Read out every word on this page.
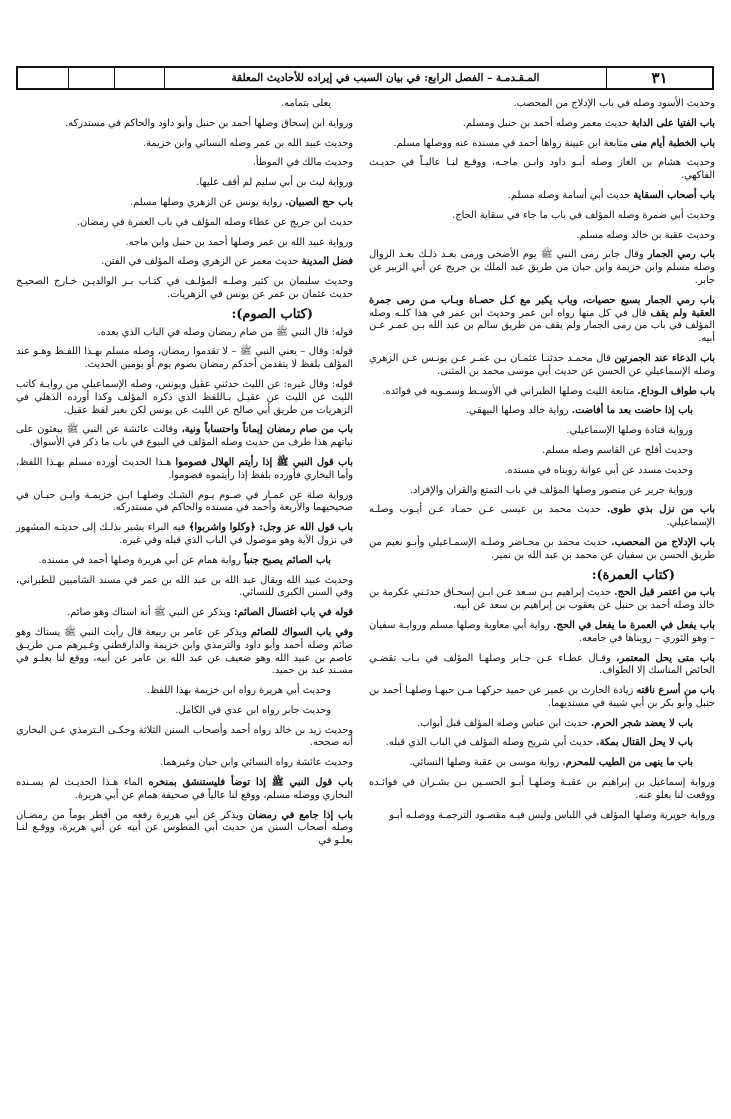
المـقـدمـة – الفصل الرابع: في بيان السبب في إيراده للأحاديث المعلقة	٣١

وحديث الأسود وصله في باب الإدلاج من المحصب.

باب الفتيا على الدابة حديث معمر وصله أحمد بن حنبل ومسلم.

باب الخطبة أيام منى متابعة ابن عيينة رواها أحمد في مسنده عنه ووصلها مسلم.

وحديث هشام بن الغاز وصله أبـو داود وابـن ماجـه، ووقـع لنـا عاليـاً في حديـث الفاكهي.

باب أصحاب السقاية حديث أبي أسامة وصله مسلم.

وحديث أبي ضمرة وصله المؤلف في باب ما جاء في سقاية الحاج.

وحديث عقبة بن خالد وصله مسلم.

باب رمي الجمار وقال جابر رمى النبي ﷺ يوم الأضحى ورمى بعـد ذلـك بعـد الزوال وصله مسلم وابن خزيمة وابن حبان من طريق عبد الملك بن جريج عن أبي الزبير عن جابر.

باب رمي الجمار بسبع حصيات، وباب يكبر مع كـل حصـاة وبـاب مـن رمى جمرة العقبة ولم يقف قال في كل منها رواه ابن عمر وحديث ابن عمر في هذا كلـه وصله المؤلف في باب من رمى الجمار ولم يقف من طريق سالم بن عبد الله بـن عمـر عـن أبيه.

باب الدعاء عند الجمرتين قال محمـد حدثنـا عثمـان بـن عمـر عـن يونـس عـن الزهري وصله الإسماعيلي عن الحسن عن حديث أبي موسى محمد بن المثنى.

باب طواف الـوداع. متابعة الليث وصلها الطبراني في الأوسـط وسمـويه في فوائده.

باب إذا حاضت بعد ما أفاضت. رواية خالد وصلها البيهقي.

ورواية قتادة وصلها الإسماعيلي.

وحديث أفلح عن القاسم وصله مسلم.

وحديث مسدد عن أبي عوانة رويناه في مسنده.

ورواية جرير عن منصور وصلها المؤلف في باب التمتع والقران والإفراد.

باب من نزل بذي طوى. حديث محمد بن عيسى عـن حمـاد عـن أيـوب وصلـه الإسماعيلي.

باب الإدلاج من المحصب. حديث محمد بن محـاضر وصلـه الإسمـاعيلي وأبـو نعيم من طريق الحسن بن سفيان عن محمد بن عبد الله بن نمير.

(كتاب العمرة):

باب من اعتمر قبل الحج. حديث إبراهيم بـن سـعد عـن ابـن إسحـاق حدثـني عكرمة بن خالد وصله أحمد بن حنبل عن يعقوب بن إبراهيم بن سعد عن أبيه.

باب يفعل في العمرة ما يفعل في الحج. رواية أبي معاوية وصلها مسلم وروايـة سفيان – وهو الثوري – رويناها في جامعه.

باب متى يحل المعتمر، وقـال عطـاء عـن جـابر وصلهـا المؤلف في بـاب تقضـي الحائض المناسك إلا الطواف.

باب من أسرع ناقته زيادة الحارث بن عمير عن حميد حركهـا مـن حبهـا وصلهـا أحمد بن حنبل وأبو بكر بن أبي شيبة في مسنديهما.

باب لا يعضد شجر الحرم. حديث ابن عباس وصله المؤلف قبل أبواب.

باب لا يحل القتال بمكة. حديث أبي شريح وصله المؤلف في الباب الذي قبله.

باب ما ينهى من الطيب للمحرم. رواية موسى بن عقبة وصلها النسائي.

ورواية إسماعيل بن إبراهيم بن عقبـة وصلهـا أبـو الحسـين بـن بشـران في فوائـده ووقعت لنا بعلو عنه.

ورواية جويرية وصلها المؤلف في اللباس وليس فيـه مقصـود الترجمـة ووصلـه أبـو

يعلى بتمامه.

ورواية ابن إسحاق وصلها أحمد بن حنبل وأبو داود والحاكم في مستدركه.

وحديث عبيد الله بن عمر وصله النسائي وابن خزيمة.

وحديث مالك في الموطأ.

ورواية ليث بن أبي سليم لم أقف عليها.

باب حج الصبيان. رواية يونس عن الزهري وصلها مسلم.

حديث ابن جريج عن عطاء وصله المؤلف في باب العمرة في رمضان.

ورواية عبيد الله بن عمر وصلها أحمد بن حنبل وابن ماجه.

فضل المدينة حديث معمر عن الزهري وصله المؤلف في الفتن.

وحديث سليمان بن كثير وصلـه المؤلـف في كتـاب بـر الوالديـن خـارج الصحيـح حديث عثمان بن عمر عن يونس في الزهريات.

(كتاب الصوم):

قوله: قال النبي ﷺ من صام رمضان وصله في الباب الذي بعده.

قوله: وقال – يعني النبي ﷺ – لا تقدموا رمضان، وصله مسلم بهـذا اللفـظ وهـو عند المؤلف بلفظ لا يتقدمن أحدكم رمضان بصوم يوم أو يومين الحديث.

قوله: وقال غيره: عن الليث حدثني عقيل ويونس، وصله الإسماعيلي من روايـة كاتب الليث عن الليث عن عقيـل بـاللفظ الذي ذكره المؤلف وكذا أورده الذهلي في الزهريات من طريق أبي صالح عن الليث عن يونس لكن بغير لفظ عقيل.

باب من صام رمضان إيماناً واحتساباً ونية، وقالت عائشة عن النبي ﷺ يبعثون على نياتهم هذا طرف من حديث وصله المؤلف في البيوع في باب ما ذكر في الأسواق.

باب قول النبي ﷺ إذا رأيتم الهلال فصوموا هـذا الحديث أورده مسلم بهـذا اللفظ، وأما البخاري فأورده بلفظ إذا رأيتموه فصوموا.

ورواية صلة عن عمـار في صـوم يـوم الشـك وصلهـا ابـن خزيمـة وابـن حبـان في صحيحيهما والأربعة وأحمد في مسنده والحاكم في مستدركه.

باب قول الله عز وجل: ﴿وكلوا واشربوا﴾ فيه البراء يشير بذلـك إلى حديثـه المشهور في نزول الآية وهو موصول في الباب الذي قبله وفي غيره.

باب الصائم يصبح جنباً رواية همام عن أبي هريرة وصلها أحمد في مسنده.

وحديث عبيد الله ويقال عبد الله بن عبد الله بن عمر في مسند الشاميين للطبراني، وفي السنن الكبرى للنسائي.

قوله في باب اغتسال الصائم: ويذكر عن النبي ﷺ أنه استاك وهو صائم.

وفي باب السواك للصائم ويذكر عن عامر بن ربيعة قال رأيت النبي ﷺ يستاك وهو صائم وصله أحمد وأبو داود والترمذي وابن خزيمة والدارقطني وغـيرهم مـن طريـق عاصم بن عبيد الله وهو ضعيف عن عبد الله بن عامر عن أبيه، ووقع لنا بعلـو في مسـند عبد بن حميد.

وحديث أبي هريرة رواه ابن خزيمة بهذا اللفظ.

وحديث جابر رواه ابن عدي في الكامل.

وحديث زيد بن خالد رواه أحمد وأصحاب السنن الثلاثة وحكـى الـترمذي عـن البخاري أنه صححه.

وحديث عائشة رواه النسائي وابن حبان وغيرهما.

باب قول النبي ﷺ إذا توضأ فليستنشق بمنخره الماء هـذا الحديـث لم يسـنده البخاري ووصله مسلم، ووقع لنا عالياً في صحيفة همام عن أبي هريرة.

باب إذا جامع في رمضان ويذكر عن أبي هريرة رفعه من أفطر يوماً من رمضـان وصله أصحاب السنن من حديث أبي المطوس عن أبيه عن أبي هريرة، ووقـع لنـا بعلـو في
